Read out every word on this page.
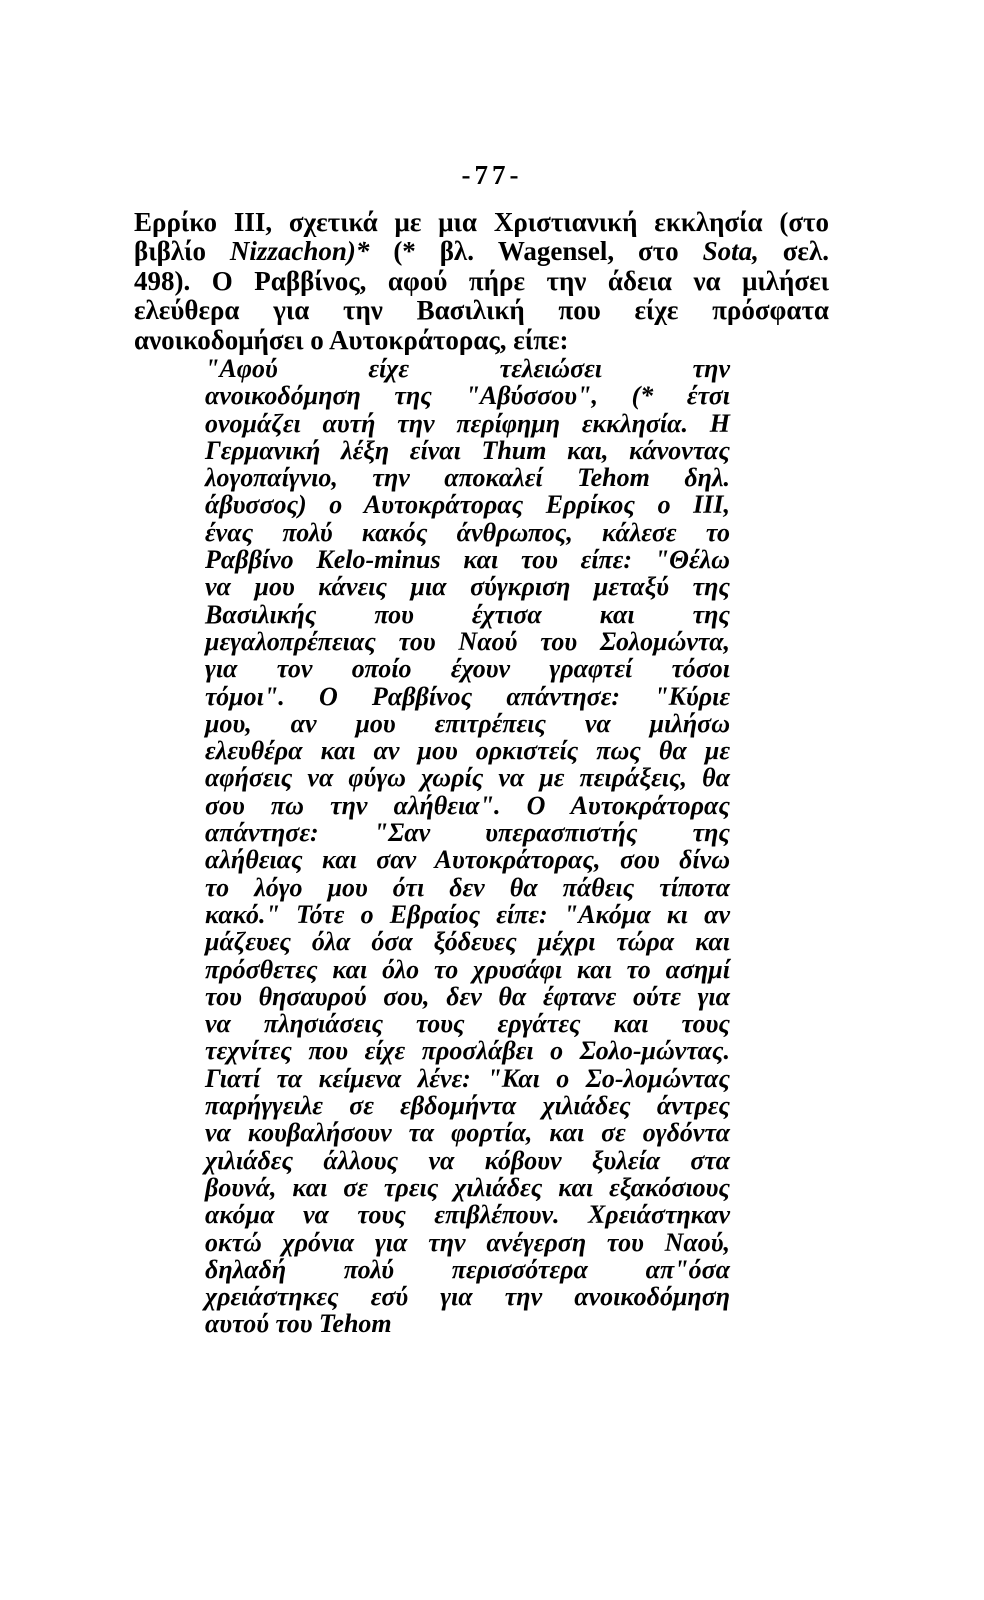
-77-
Ερρίκο ΙΙΙ, σχετικά με μια Χριστιανική εκκλησία (στο
βιβλίο Nizzachon)* (* βλ. Wagensel, στο Sota, σελ.
498). Ο Ραββίνος, αφού πήρε την άδεια να μιλήσει
ελεύθερα για την Βασιλική που είχε πρόσφατα
ανοικοδομήσει ο Αυτοκράτορας, είπε:
"Αφού είχε τελειώσει την
ανοικοδόμηση της "Αβύσσου", (* έτσι
ονομάζει αυτή την περίφημη εκκλησία. Η
Γερμανική λέξη είναι Thum και, κάνοντας
λογοπαίγνιο, την αποκαλεί Tehom δηλ.
άβυσσος) ο Αυτοκράτορας Ερρίκος ο ΙΙΙ,
ένας πολύ κακός άνθρωπος, κάλεσε το
Ραββίνο Kelo-minus και του είπε: "Θέλω
να μου κάνεις μια σύγκριση μεταξύ της
Βασιλικής που έχτισα και της
μεγαλοπρέπειας του Ναού του Σολομώντα,
για τον οποίο έχουν γραφτεί τόσοι
τόμοι". Ο Ραββίνος απάντησε: "Κύριε
μου, αν μου επιτρέπεις να μιλήσω
ελευθέρα και αν μου ορκιστείς πως θα με
αφήσεις να φύγω χωρίς να με πειράξεις, θα
σου πω την αλήθεια". Ο Αυτοκράτορας
απάντησε: "Σαν υπερασπιστής της
αλήθειας και σαν Αυτοκράτορας, σου δίνω
το λόγο μου ότι δεν θα πάθεις τίποτα
κακό." Τότε ο Εβραίος είπε: "Ακόμα κι αν
μάζευες όλα όσα ξόδευες μέχρι τώρα και
πρόσθετες και όλο το χρυσάφι και το ασημί
του θησαυρού σου, δεν θα έφτανε ούτε για
να πλησιάσεις τους εργάτες και τους
τεχνίτες που είχε προσλάβει ο Σολο-μώντας.
Γιατί τα κείμενα λένε: "Και ο Σο-λομώντας
παρήγγειλε σε εβδομήντα χιλιάδες άντρες
να κουβαλήσουν τα φορτία, και σε ογδόντα
χιλιάδες άλλους να κόβουν ξυλεία στα
βουνά, και σε τρεις χιλιάδες και εξακόσιους
ακόμα να τους επιβλέπουν. Χρειάστηκαν
οκτώ χρόνια για την ανέγερση του Ναού,
δηλαδή πολύ περισσότερα απ"όσα
χρειάστηκες εσύ για την ανοικοδόμηση
αυτού του Tehom
